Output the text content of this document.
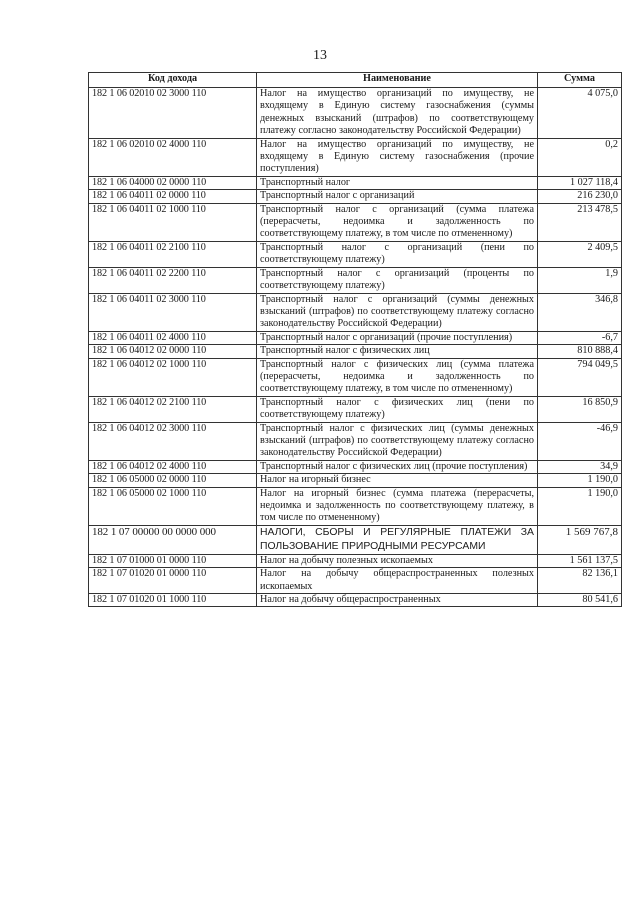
13
Код дохода	Наименование	Сумма
182 1 06 02010 02 3000 110	Налог на имущество организаций по имуществу, не входящему в Единую систему газоснабжения (суммы денежных взысканий (штрафов) по соответствующему платежу согласно законодательству Российской Федерации)	4 075,0
182 1 06 02010 02 4000 110	Налог на имущество организаций по имуществу, не входящему в Единую систему газоснабжения (прочие поступления)	0,2
182 1 06 04000 02 0000 110	Транспортный налог	1 027 118,4
182 1 06 04011 02 0000 110	Транспортный налог с организаций	216 230,0
182 1 06 04011 02 1000 110	Транспортный налог с организаций (сумма платежа (перерасчеты, недоимка и задолженность по соответствующему платежу, в том числе по отмененному)	213 478,5
182 1 06 04011 02 2100 110	Транспортный налог с организаций (пени по соответствующему платежу)	2 409,5
182 1 06 04011 02 2200 110	Транспортный налог с организаций (проценты по соответствующему платежу)	1,9
182 1 06 04011 02 3000 110	Транспортный налог с организаций (суммы денежных взысканий (штрафов) по соответствующему платежу согласно законодательству Российской Федерации)	346,8
182 1 06 04011 02 4000 110	Транспортный налог с организаций (прочие поступления)	-6,7
182 1 06 04012 02 0000 110	Транспортный налог с физических лиц	810 888,4
182 1 06 04012 02 1000 110	Транспортный налог с физических лиц (сумма платежа (перерасчеты, недоимка и задолженность по соответствующему платежу, в том числе по отмененному)	794 049,5
182 1 06 04012 02 2100 110	Транспортный налог с физических лиц (пени по соответствующему платежу)	16 850,9
182 1 06 04012 02 3000 110	Транспортный налог с физических лиц (суммы денежных взысканий (штрафов) по соответствующему платежу согласно законодательству Российской Федерации)	-46,9
182 1 06 04012 02 4000 110	Транспортный налог с физических лиц (прочие поступления)	34,9
182 1 06 05000 02 0000 110	Налог на игорный бизнес	1 190,0
182 1 06 05000 02 1000 110	Налог на игорный бизнес (сумма платежа (перерасчеты, недоимка и задолженность по соответствующему платежу, в том числе по отмененному)	1 190,0
182 1 07 00000 00 0000 000	НАЛОГИ, СБОРЫ И РЕГУЛЯРНЫЕ ПЛАТЕЖИ ЗА ПОЛЬЗОВАНИЕ ПРИРОДНЫМИ РЕСУРСАМИ	1 569 767,8
182 1 07 01000 01 0000 110	Налог на добычу полезных ископаемых	1 561 137,5
182 1 07 01020 01 0000 110	Налог на добычу общераспространенных полезных ископаемых	82 136,1
182 1 07 01020 01 1000 110	Налог на добычу общераспространенных	80 541,6
